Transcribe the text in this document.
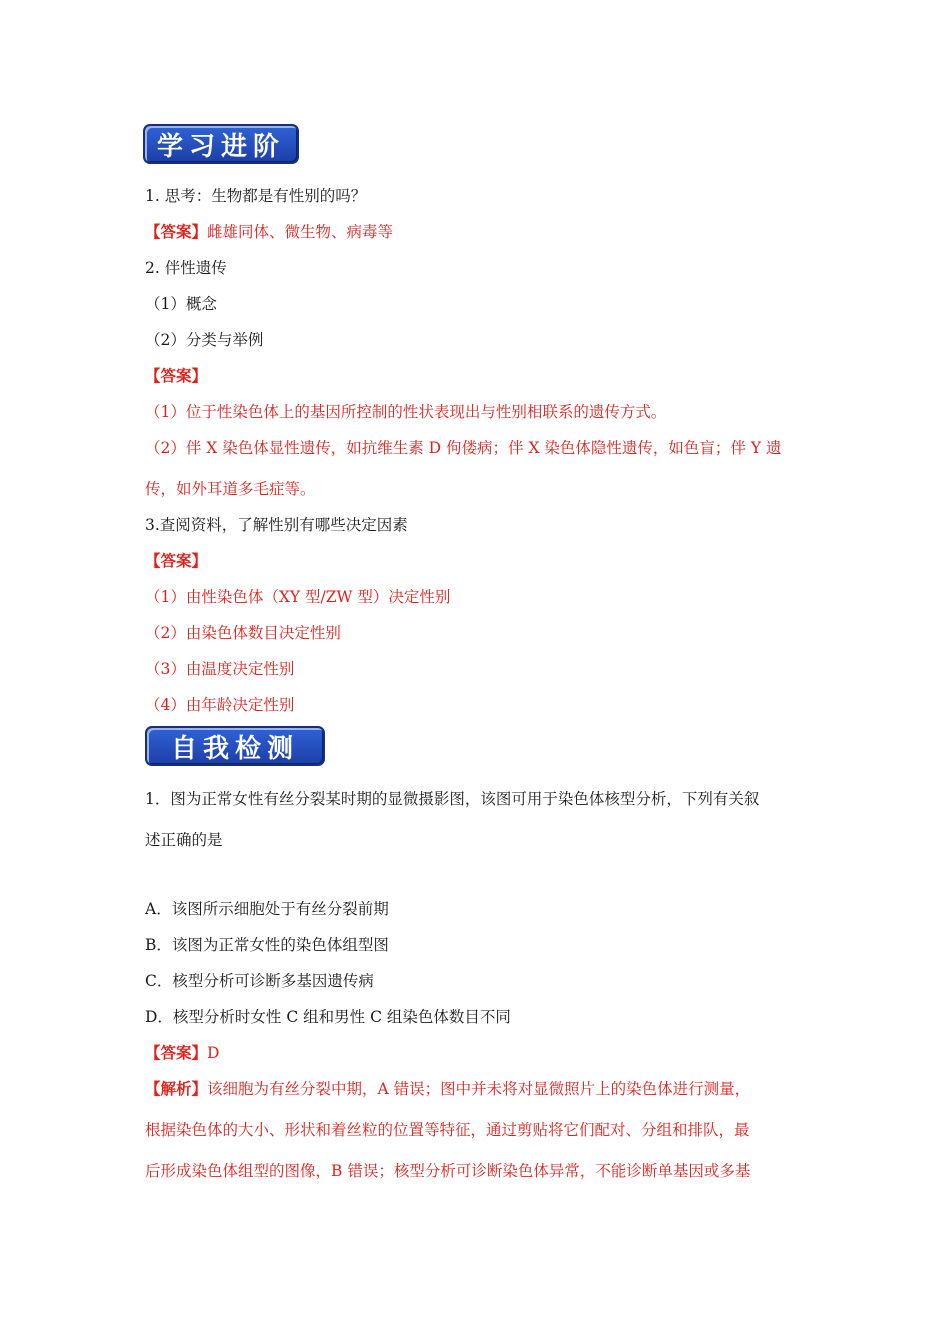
学习进阶
1. 思考：生物都是有性别的吗？
【答案】雌雄同体、微生物、病毒等
2. 伴性遗传
（1）概念
（2）分类与举例
【答案】
（1）位于性染色体上的基因所控制的性状表现出与性别相联系的遗传方式。
（2）伴 X 染色体显性遗传，如抗维生素 D 佝偻病；伴 X 染色体隐性遗传，如色盲；伴 Y 遗
传，如外耳道多毛症等。
3.查阅资料，了解性别有哪些决定因素
【答案】
（1）由性染色体（XY 型/ZW 型）决定性别
（2）由染色体数目决定性别
（3）由温度决定性别
（4）由年龄决定性别
自我检测
1．图为正常女性有丝分裂某时期的显微摄影图，该图可用于染色体核型分析，下列有关叙
述正确的是
A．该图所示细胞处于有丝分裂前期
B．该图为正常女性的染色体组型图
C．核型分析可诊断多基因遗传病
D．核型分析时女性 C 组和男性 C 组染色体数目不同
【答案】D
【解析】该细胞为有丝分裂中期，A 错误；图中并未将对显微照片上的染色体进行测量，
根据染色体的大小、形状和着丝粒的位置等特征，通过剪贴将它们配对、分组和排队，最
后形成染色体组型的图像，B 错误；核型分析可诊断染色体异常，不能诊断单基因或多基
